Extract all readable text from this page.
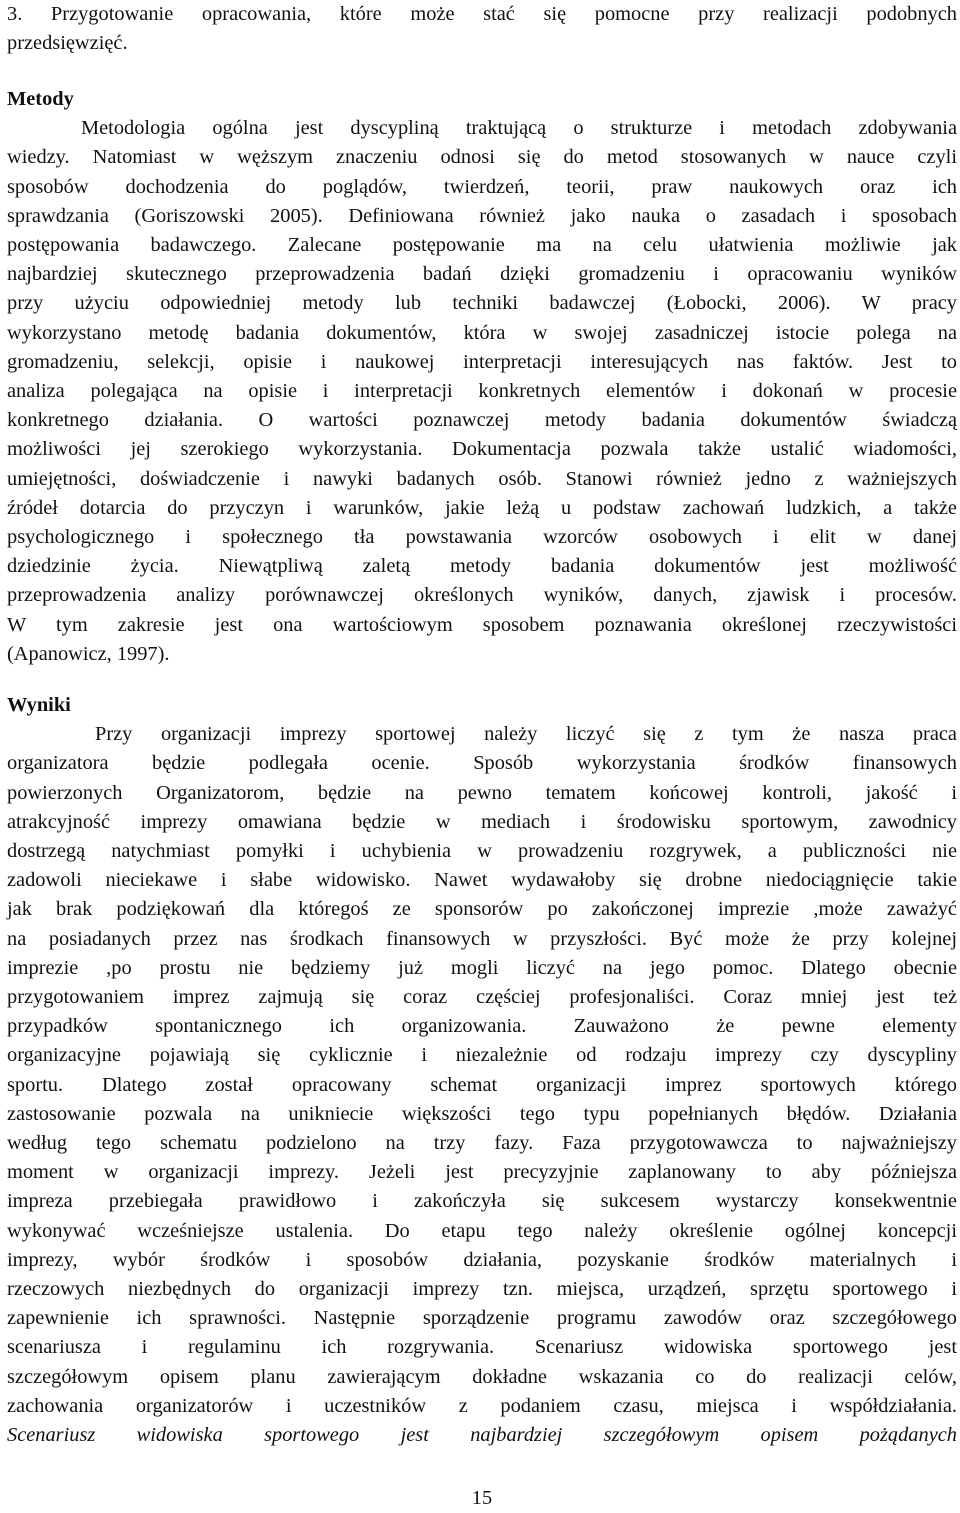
3. Przygotowanie opracowania, które może stać się pomocne przy realizacji podobnych

przedsięwzięć.

Metody

Metodologia ogólna jest dyscypliną traktującą o strukturze i metodach zdobywania

wiedzy. Natomiast w węższym znaczeniu odnosi się do metod stosowanych w nauce czyli

sposobów dochodzenia do poglądów, twierdzeń, teorii, praw naukowych oraz ich

sprawdzania (Goriszowski 2005). Definiowana również jako nauka o zasadach i sposobach

postępowania badawczego. Zalecane postępowanie ma na celu ułatwienia możliwie jak

najbardziej skutecznego przeprowadzenia badań dzięki gromadzeniu i opracowaniu wyników

przy użyciu odpowiedniej metody lub techniki badawczej (Łobocki, 2006). W pracy

wykorzystano metodę badania dokumentów, która w swojej zasadniczej istocie polega na

gromadzeniu, selekcji, opisie i naukowej interpretacji interesujących nas faktów. Jest to

analiza polegająca na opisie i interpretacji konkretnych elementów i dokonań w procesie

konkretnego działania. O wartości poznawczej metody badania dokumentów świadczą

możliwości jej szerokiego wykorzystania. Dokumentacja pozwala także ustalić wiadomości,

umiejętności, doświadczenie i nawyki badanych osób. Stanowi również jedno z ważniejszych

źródeł dotarcia do przyczyn i warunków, jakie leżą u podstaw zachowań ludzkich, a także

psychologicznego i społecznego tła powstawania wzorców osobowych i elit w danej

dziedzinie życia. Niewątpliwą zaletą metody badania dokumentów jest możliwość

przeprowadzenia analizy porównawczej określonych wyników, danych, zjawisk i procesów.

W tym zakresie jest ona wartościowym sposobem poznawania określonej rzeczywistości

(Apanowicz, 1997).

Wyniki

Przy organizacji imprezy sportowej należy liczyć się z tym że nasza praca

organizatora będzie podlegała ocenie. Sposób wykorzystania środków finansowych

powierzonych Organizatorom, będzie na pewno tematem końcowej kontroli, jakość i

atrakcyjność imprezy omawiana będzie w mediach i środowisku sportowym, zawodnicy

dostrzegą natychmiast pomyłki i uchybienia w prowadzeniu rozgrywek, a publiczności nie

zadowoli nieciekawe i słabe widowisko. Nawet wydawałoby się drobne niedociągnięcie takie

jak brak podziękowań dla któregoś ze sponsorów po zakończonej imprezie ,może zaważyć

na posiadanych przez nas środkach finansowych w przyszłości. Być może że przy kolejnej

imprezie ,po prostu nie będziemy już mogli liczyć na jego pomoc. Dlatego obecnie

przygotowaniem imprez zajmują się coraz częściej profesjonaliści. Coraz mniej jest też

przypadków spontanicznego ich organizowania. Zauważono że pewne elementy

organizacyjne pojawiają się cyklicznie i niezależnie od rodzaju imprezy czy dyscypliny

sportu. Dlatego został opracowany schemat organizacji imprez sportowych którego

zastosowanie pozwala na unikniecie większości tego typu popełnianych błędów. Działania

według tego schematu podzielono na trzy fazy. Faza przygotowawcza to najważniejszy

moment w organizacji imprezy. Jeżeli jest precyzyjnie zaplanowany to aby późniejsza

impreza przebiegała prawidłowo i zakończyła się sukcesem wystarczy konsekwentnie

wykonywać wcześniejsze ustalenia. Do etapu tego należy określenie ogólnej koncepcji

imprezy, wybór środków i sposobów działania, pozyskanie środków materialnych i

rzeczowych niezbędnych do organizacji imprezy tzn. miejsca, urządzeń, sprzętu sportowego i

zapewnienie ich sprawności. Następnie sporządzenie programu zawodów oraz szczegółowego

scenariusza i regulaminu ich rozgrywania. Scenariusz widowiska sportowego jest

szczegółowym opisem planu zawierającym dokładne wskazania co do realizacji celów,

zachowania organizatorów i uczestników z podaniem czasu, miejsca i współdziałania.

Scenariusz widowiska sportowego jest najbardziej szczegółowym opisem pożądanych

15
